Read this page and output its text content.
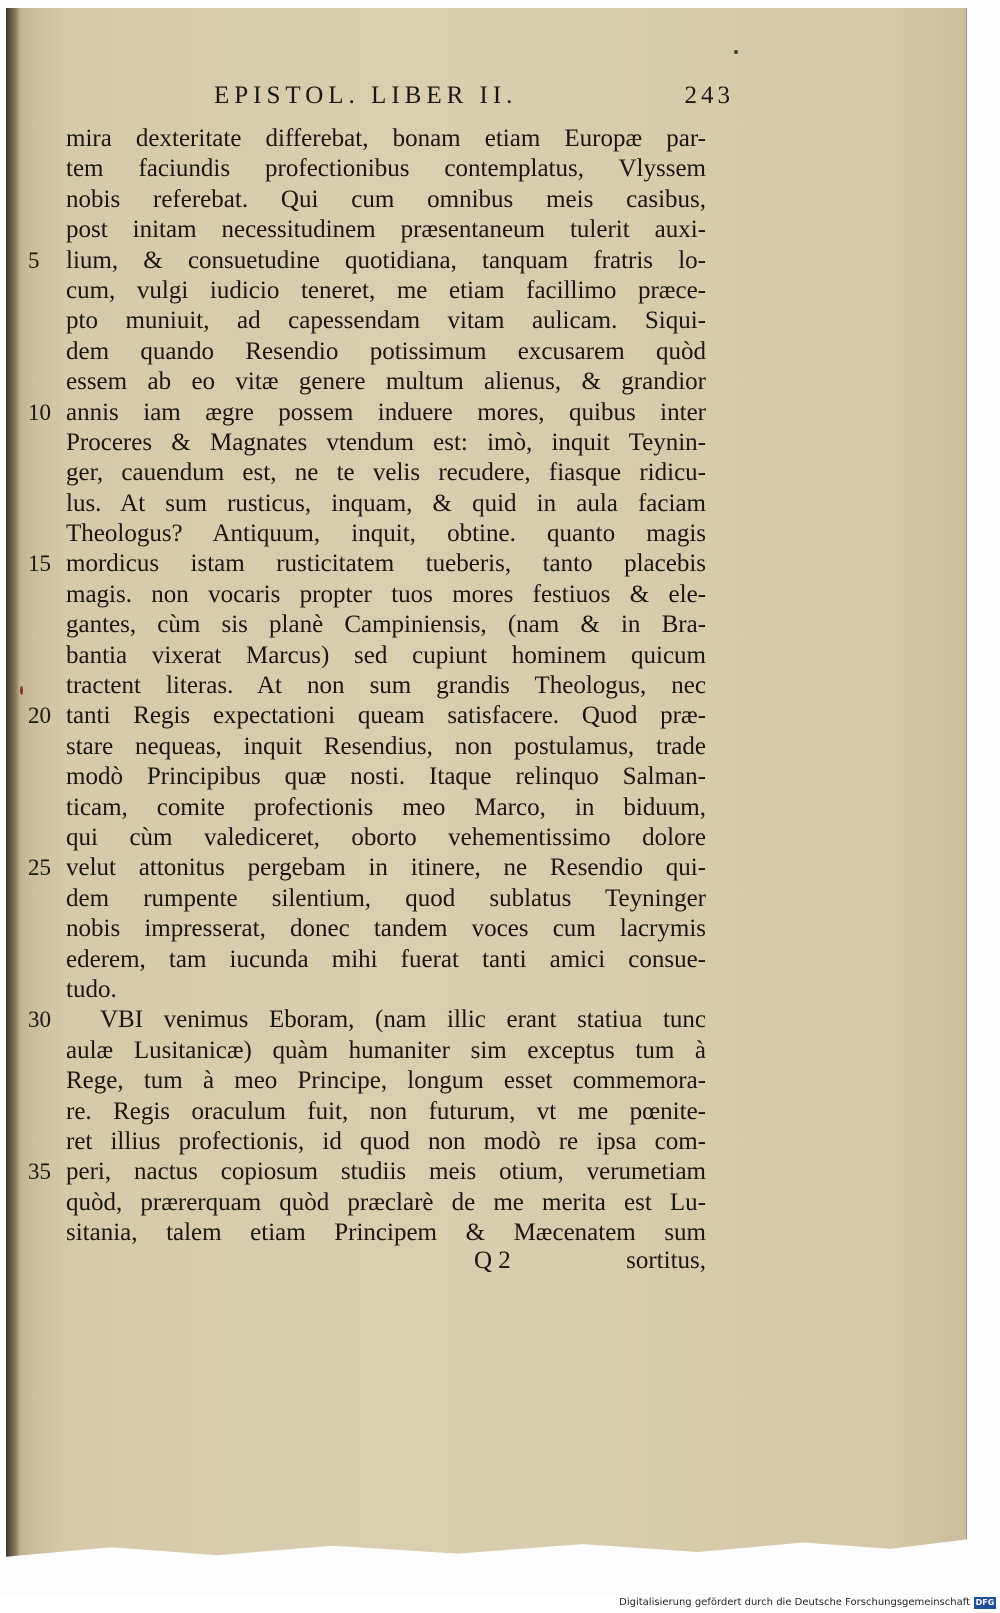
EPISTOL. LIBER II.	243
mira dexteritate differebat, bonam etiam Europæ par-
tem faciundis profectionibus contemplatus, Vlyssem
nobis referebat. Qui cum omnibus meis casibus,
post initam necessitudinem præsentaneum tulerit auxi-
5	lium, & consuetudine quotidiana, tanquam fratris lo-
cum, vulgi iudicio teneret, me etiam facillimo præce-
pto muniuit, ad capessendam vitam aulicam. Siqui-
dem quando Resendio potissimum excusarem quòd
essem ab eo vitæ genere multum alienus, & grandior
10 annis iam ægre possem induere mores, quibus inter
Proceres & Magnates vtendum est: imò, inquit Teynin-
ger, cauendum est, ne te velis recudere, fiasque ridicu-
lus. At sum rusticus, inquam, & quid in aula faciam
Theologus? Antiquum, inquit, obtine. quanto magis
15 mordicus istam rusticitatem tueberis, tanto placebis
magis. non vocaris propter tuos mores festiuos & ele-
gantes, cùm sis planè Campiniensis, (nam & in Bra-
bantia vixerat Marcus) sed cupiunt hominem quicum
tractent literas. At non sum grandis Theologus, nec
20 tanti Regis expectationi queam satisfacere. Quod præ-
stare nequeas, inquit Resendius, non postulamus, trade
modò Principibus quæ nosti. Itaque relinquo Salman-
ticam, comite profectionis meo Marco, in biduum,
qui cùm valediceret, oborto vehementissimo dolore
25 velut attonitus pergebam in itinere, ne Resendio qui-
dem rumpente silentium, quod sublatus Teyninger
nobis impresserat, donec tandem voces cum lacrymis
ederem, tam iucunda mihi fuerat tanti amici consue-
tudo.
30 VBI venimus Eboram, (nam illic erant statiua tunc
aulæ Lusitanicæ) quàm humaniter sim exceptus tum à
Rege, tum à meo Principe, longum esset commemora-
re. Regis oraculum fuit, non futurum, vt me pœnite-
ret illius profectionis, id quod non modò re ipsa com-
35 peri, nactus copiosum studiis meis otium, verumetiam
quòd, prærerquam quòd præclarè de me merita est Lu-
sitania, talem etiam Principem & Mæcenatem sum
Q 2	sortitus,
Digitalisierung gefördert durch die Deutsche Forschungsgemeinschaft DFG
